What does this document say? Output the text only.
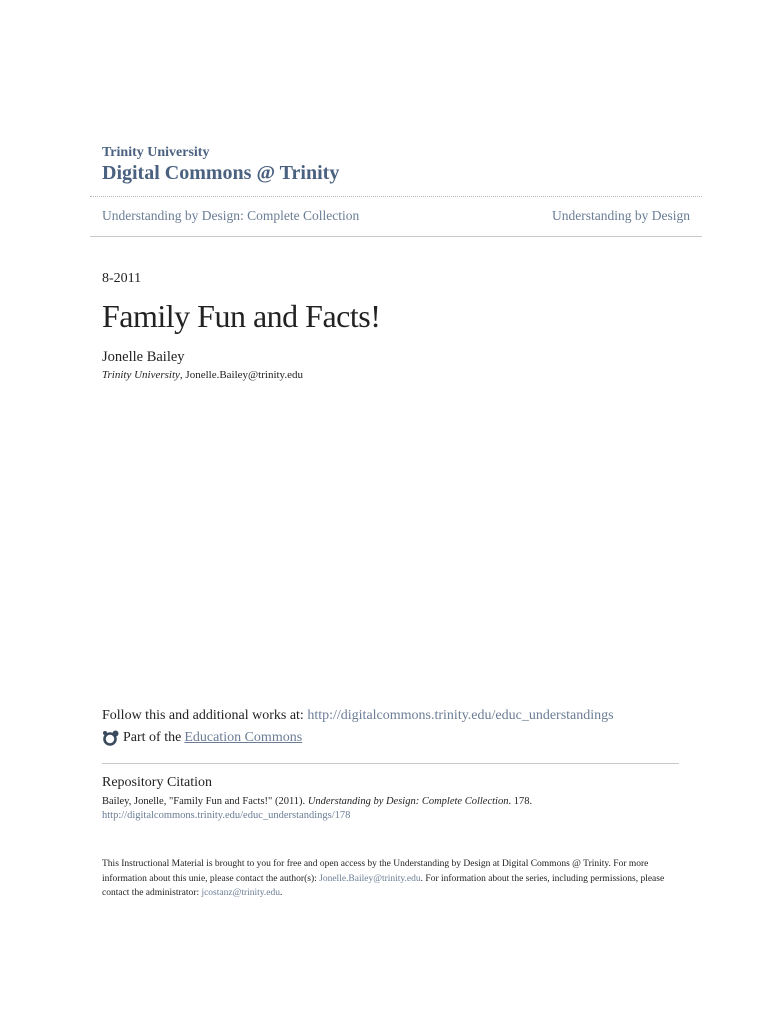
Trinity University
Digital Commons @ Trinity
Understanding by Design: Complete Collection	Understanding by Design
8-2011
Family Fun and Facts!
Jonelle Bailey
Trinity University, Jonelle.Bailey@trinity.edu
Follow this and additional works at: http://digitalcommons.trinity.edu/educ_understandings
Part of the Education Commons
Repository Citation
Bailey, Jonelle, "Family Fun and Facts!" (2011). Understanding by Design: Complete Collection. 178.
http://digitalcommons.trinity.edu/educ_understandings/178
This Instructional Material is brought to you for free and open access by the Understanding by Design at Digital Commons @ Trinity. For more information about this unie, please contact the author(s): Jonelle.Bailey@trinity.edu. For information about the series, including permissions, please contact the administrator: jcostanz@trinity.edu.
